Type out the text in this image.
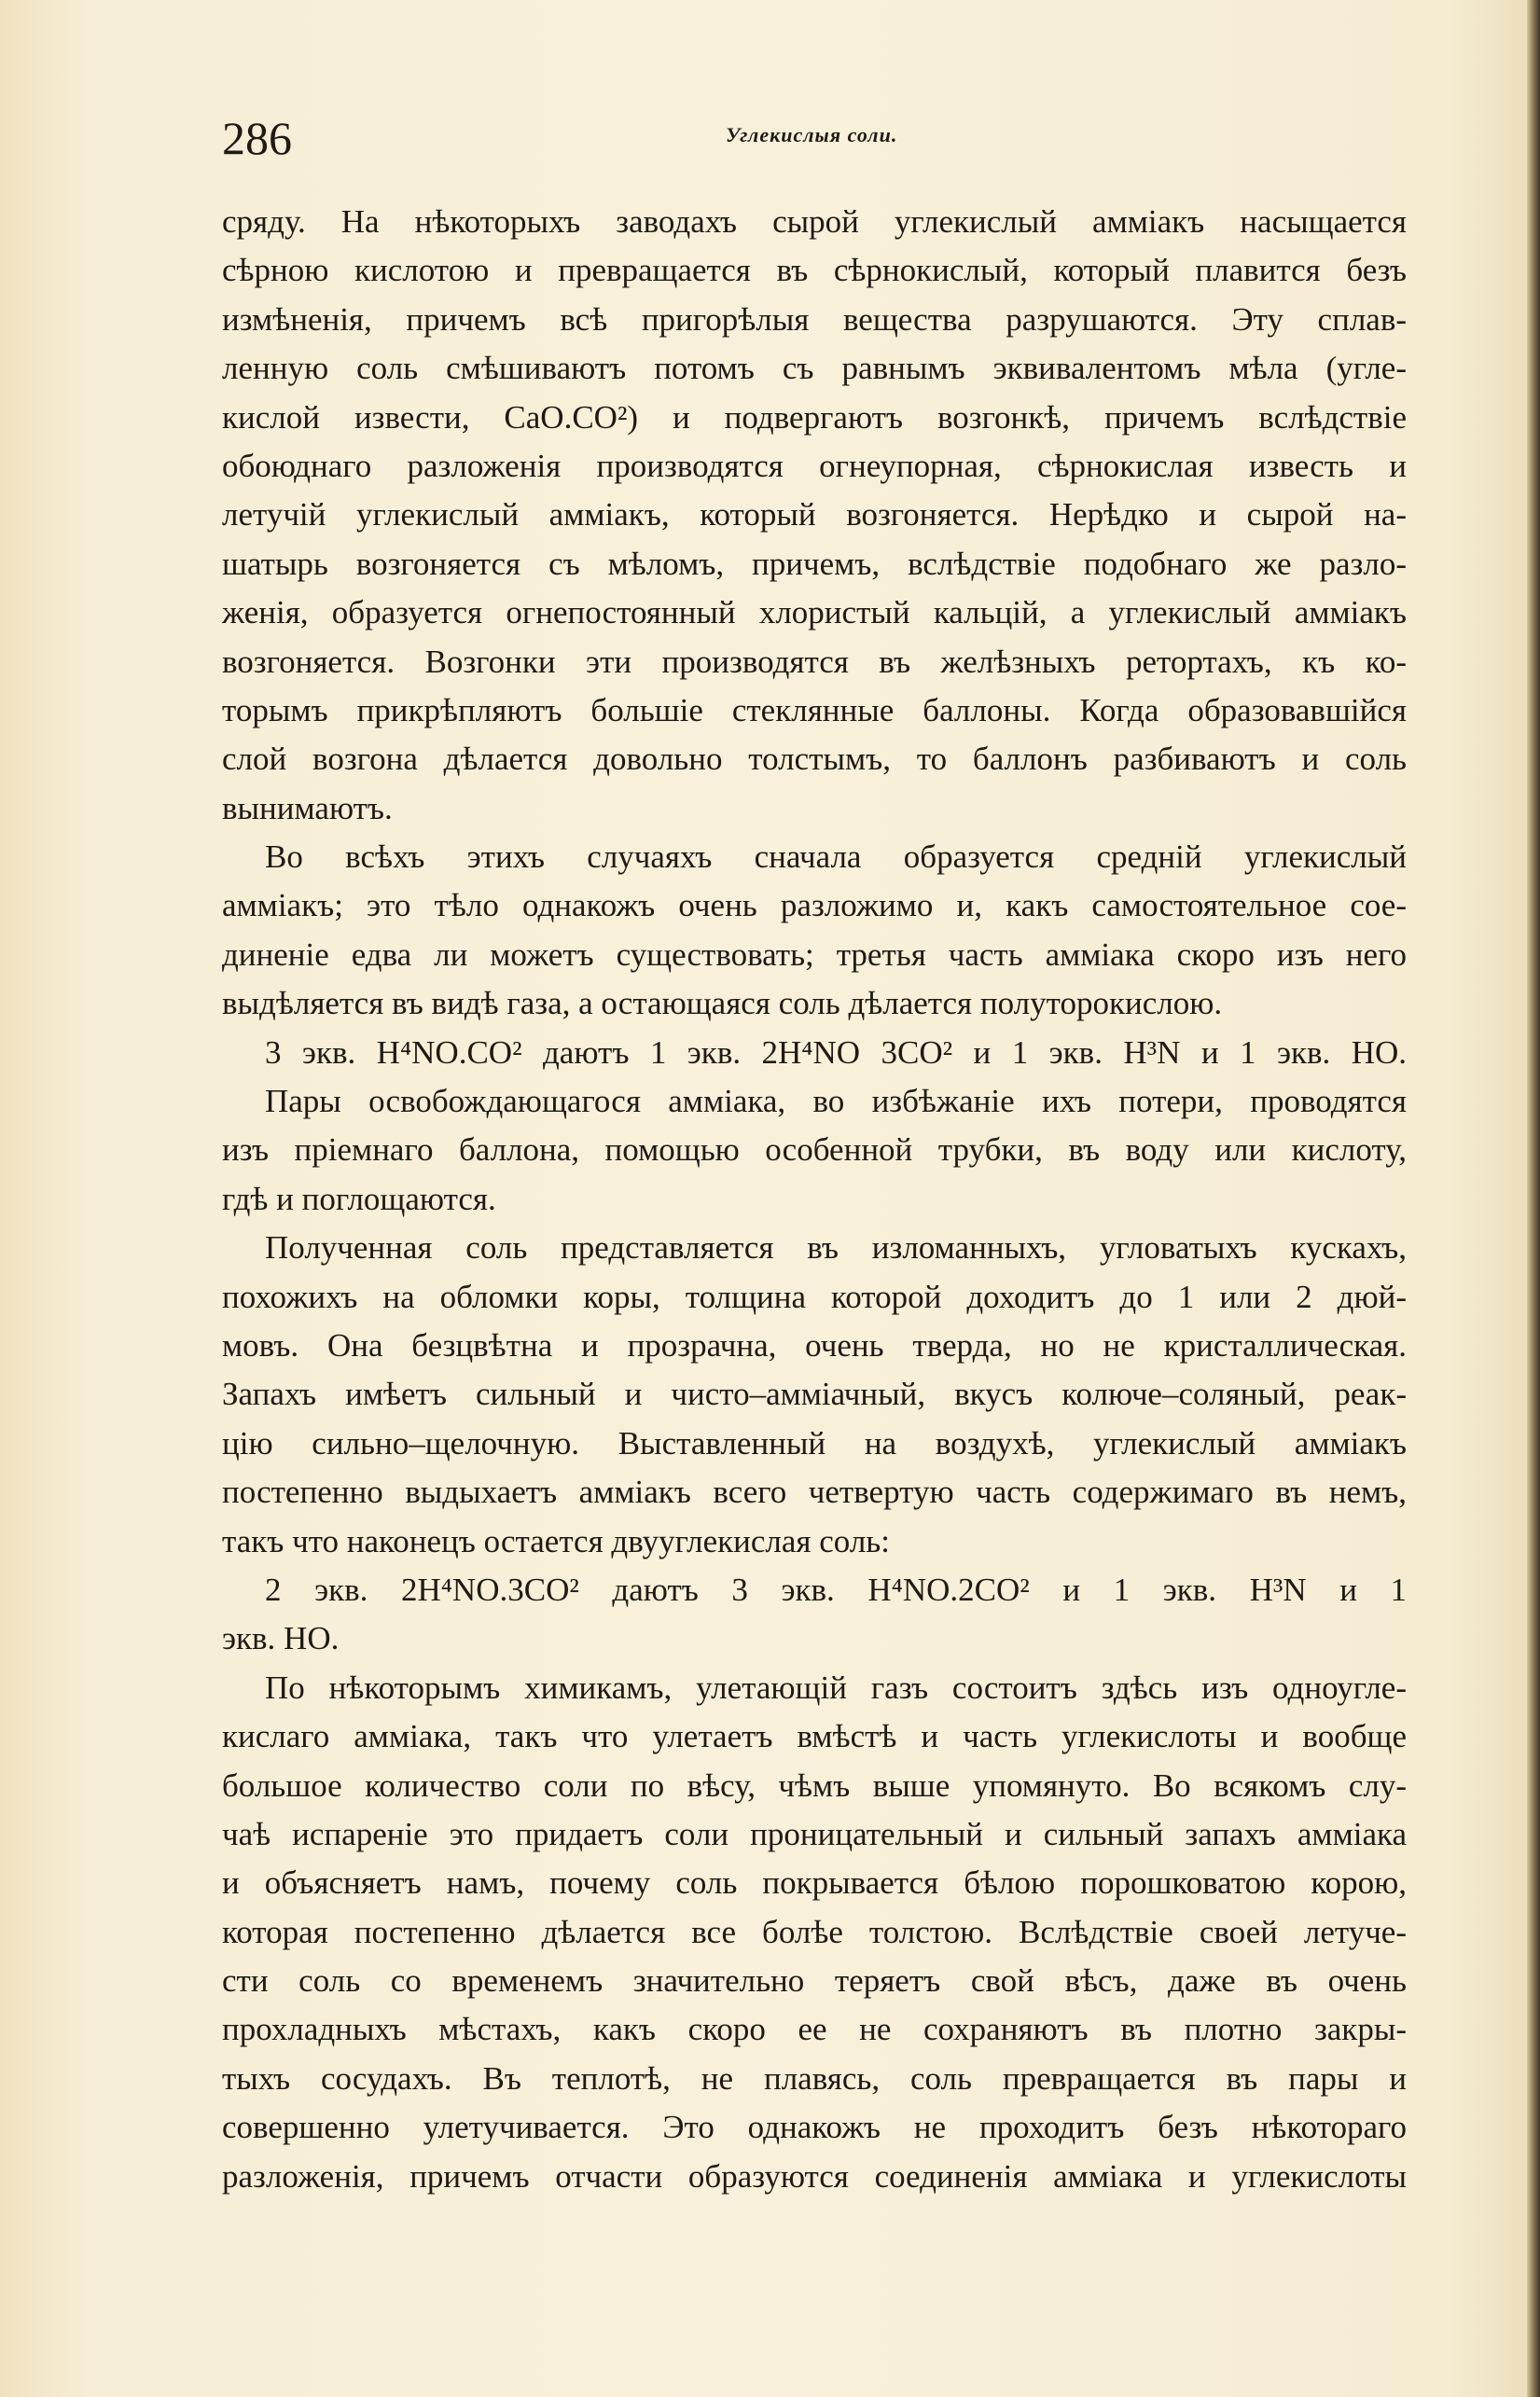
286	Углекислыя соли.
сряду. На нѣкоторыхъ заводахъ сырой углекислый амміакъ насыщается
сѣрною кислотою и превращается въ сѣрнокислый, который плавится безъ
измѣненія, причемъ всѣ пригорѣлыя вещества разрушаются. Эту сплав-
ленную соль смѣшиваютъ потомъ съ равнымъ эквивалентомъ мѣла (угле-
кислой извести, CaO.CO²) и подвергаютъ возгонкѣ, причемъ вслѣдствіе
обоюднаго разложенія производятся огнеупорная, сѣрнокислая известь и
летучій углекислый амміакъ, который возгоняется. Нерѣдко и сырой на-
шатырь возгоняется съ мѣломъ, причемъ, вслѣдствіе подобнаго же разло-
женія, образуется огнепостоянный хлористый кальцій, а углекислый амміакъ
возгоняется. Возгонки эти производятся въ желѣзныхъ ретортахъ, къ ко-
торымъ прикрѣпляютъ большіе стеклянные баллоны. Когда образовавшійся
слой возгона дѣлается довольно толстымъ, то баллонъ разбиваютъ и соль
вынимаютъ.
Во всѣхъ этихъ случаяхъ сначала образуется средній углекислый
амміакъ; это тѣло однакожъ очень разложимо и, какъ самостоятельное сое-
диненіе едва ли можетъ существовать; третья часть амміака скоро изъ него
выдѣляется въ видѣ газа, а остающаяся соль дѣлается полуторокислою.
3 экв. H⁴NO.CO² даютъ 1 экв. 2H⁴NO 3CO² и 1 экв. H³N и 1 экв. HO.
Пары освобождающагося амміака, во избѣжаніе ихъ потери, проводятся
изъ пріемнаго баллона, помощью особенной трубки, въ воду или кислоту,
гдѣ и поглощаются.
Полученная соль представляется въ изломанныхъ, угловатыхъ кускахъ,
похожихъ на обломки коры, толщина которой доходитъ до 1 или 2 дюй-
мовъ. Она безцвѣтна и прозрачна, очень тверда, но не кристаллическая.
Запахъ имѣетъ сильный и чисто–амміачный, вкусъ колюче–соляный, реак-
цію сильно–щелочную. Выставленный на воздухѣ, углекислый амміакъ
постепенно выдыхаетъ амміакъ всего четвертую часть содержимаго въ немъ,
такъ что наконецъ остается двууглекислая соль:
2 экв. 2H⁴NO.3CO² даютъ 3 экв. H⁴NO.2CO² и 1 экв. H³N и 1
экв. HO.
По нѣкоторымъ химикамъ, улетающій газъ состоитъ здѣсь изъ одноугле-
кислаго амміака, такъ что улетаетъ вмѣстѣ и часть углекислоты и вообще
большое количество соли по вѣсу, чѣмъ выше упомянуто. Во всякомъ слу-
чаѣ испареніе это придаетъ соли проницательный и сильный запахъ амміака
и объясняетъ намъ, почему соль покрывается бѣлою порошковатою корою,
которая постепенно дѣлается все болѣе толстою. Вслѣдствіе своей летуче-
сти соль со временемъ значительно теряетъ свой вѣсъ, даже въ очень
прохладныхъ мѣстахъ, какъ скоро ее не сохраняютъ въ плотно закры-
тыхъ сосудахъ. Въ теплотѣ, не плавясь, соль превращается въ пары и
совершенно улетучивается. Это однакожъ не проходитъ безъ нѣкотораго
разложенія, причемъ отчасти образуются соединенія амміака и углекислоты
